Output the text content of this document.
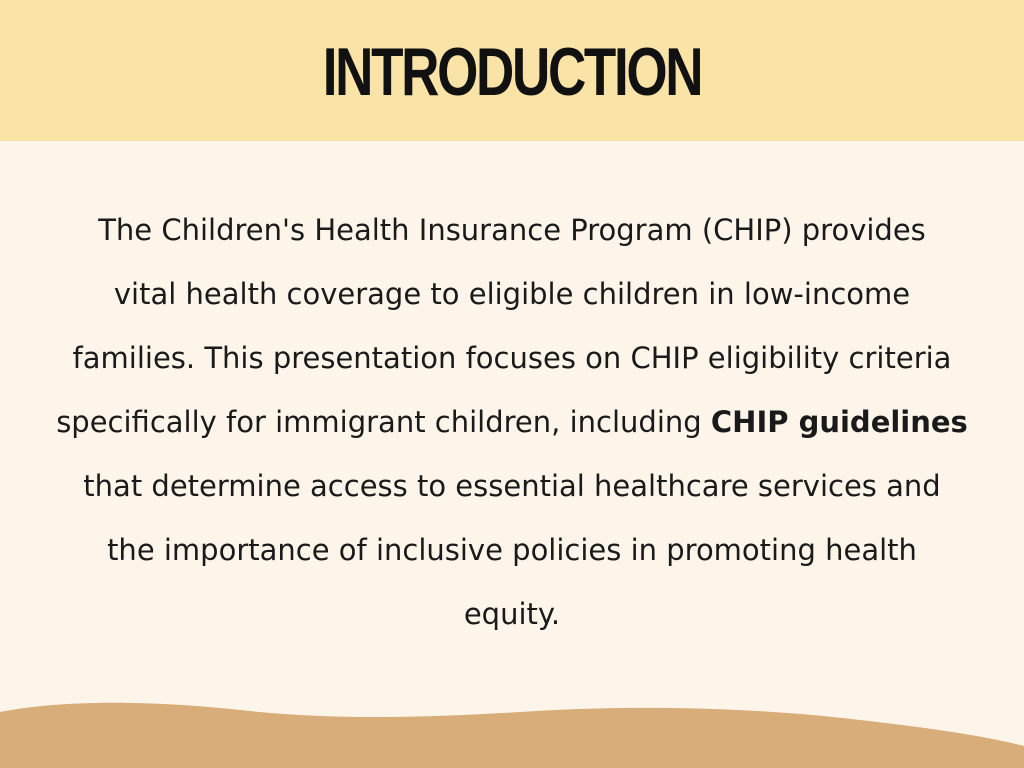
INTRODUCTION

The Children's Health Insurance Program (CHIP) provides
vital health coverage to eligible children in low-income
families. This presentation focuses on CHIP eligibility criteria
specifically for immigrant children, including CHIP guidelines
that determine access to essential healthcare services and
the importance of inclusive policies in promoting health
equity.
